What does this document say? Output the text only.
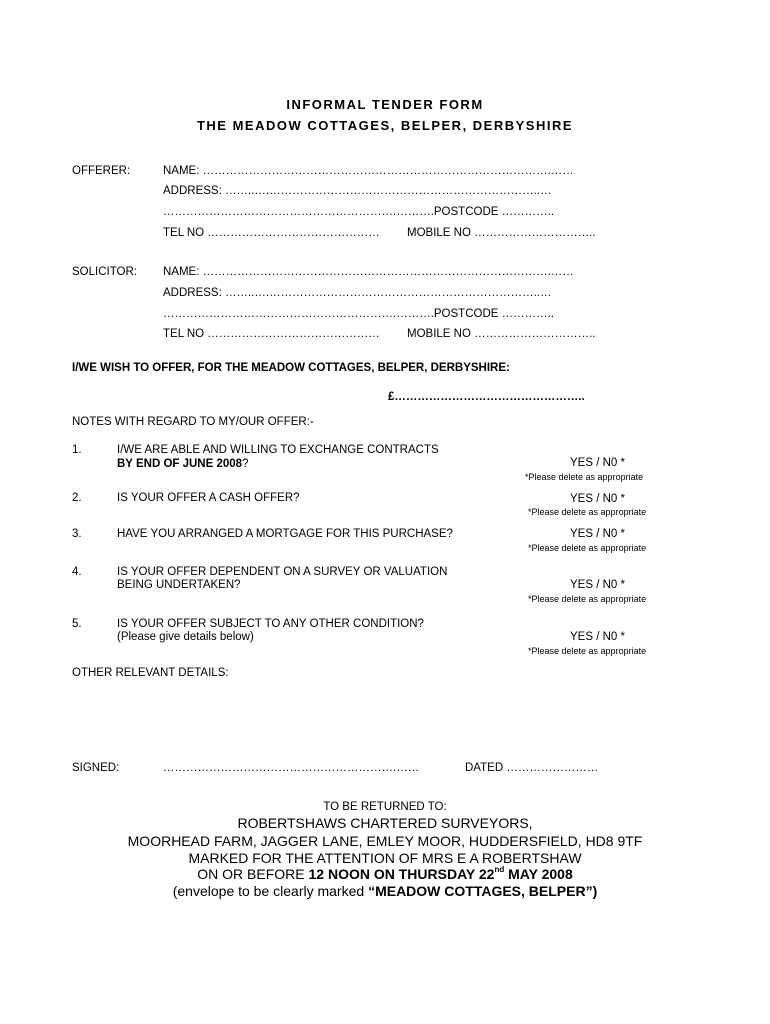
INFORMAL TENDER FORM
THE MEADOW COTTAGES, BELPER, DERBYSHIRE
OFFERER:	NAME: ……………………………………………………………………………….……
ADDRESS: ……..….……………………………………………………………..…
…………………………………………………….……….POSTCODE …………..
TEL NO ……………………………………… MOBILE NO …………………………..
SOLICITOR: NAME: ……………………………………………………………………………….……
ADDRESS: ……..….……………………………………………………………..…
…………………………………………………….……….POSTCODE …………..
TEL NO ……………………………………… MOBILE NO …………………………..
I/WE WISH TO OFFER, FOR THE MEADOW COTTAGES, BELPER, DERBYSHIRE:
£…………………………………………..
NOTES WITH REGARD TO MY/OUR OFFER:-
1.	I/WE ARE ABLE AND WILLING TO EXCHANGE CONTRACTS
BY END OF JUNE 2008?	YES / N0 *
*Please delete as appropriate
2.	IS YOUR OFFER A CASH OFFER?	YES / N0 *
*Please delete as appropriate
3.	HAVE YOU ARRANGED A MORTGAGE FOR THIS PURCHASE?	YES / N0 *
*Please delete as appropriate
4.	IS YOUR OFFER DEPENDENT ON A SURVEY OR VALUATION
BEING UNDERTAKEN?	YES / N0 *
*Please delete as appropriate
5.	IS YOUR OFFER SUBJECT TO ANY OTHER CONDITION?
(Please give details below)	YES / N0 *
*Please delete as appropriate
OTHER RELEVANT DETAILS:
SIGNED:	…………………………………………………….……	DATED ……………………
TO BE RETURNED TO:
ROBERTSHAWS CHARTERED SURVEYORS,
MOORHEAD FARM, JAGGER LANE, EMLEY MOOR, HUDDERSFIELD, HD8 9TF
MARKED FOR THE ATTENTION OF MRS E A ROBERTSHAW
ON OR BEFORE 12 NOON ON THURSDAY 22nd MAY 2008
(envelope to be clearly marked “MEADOW COTTAGES, BELPER”)
